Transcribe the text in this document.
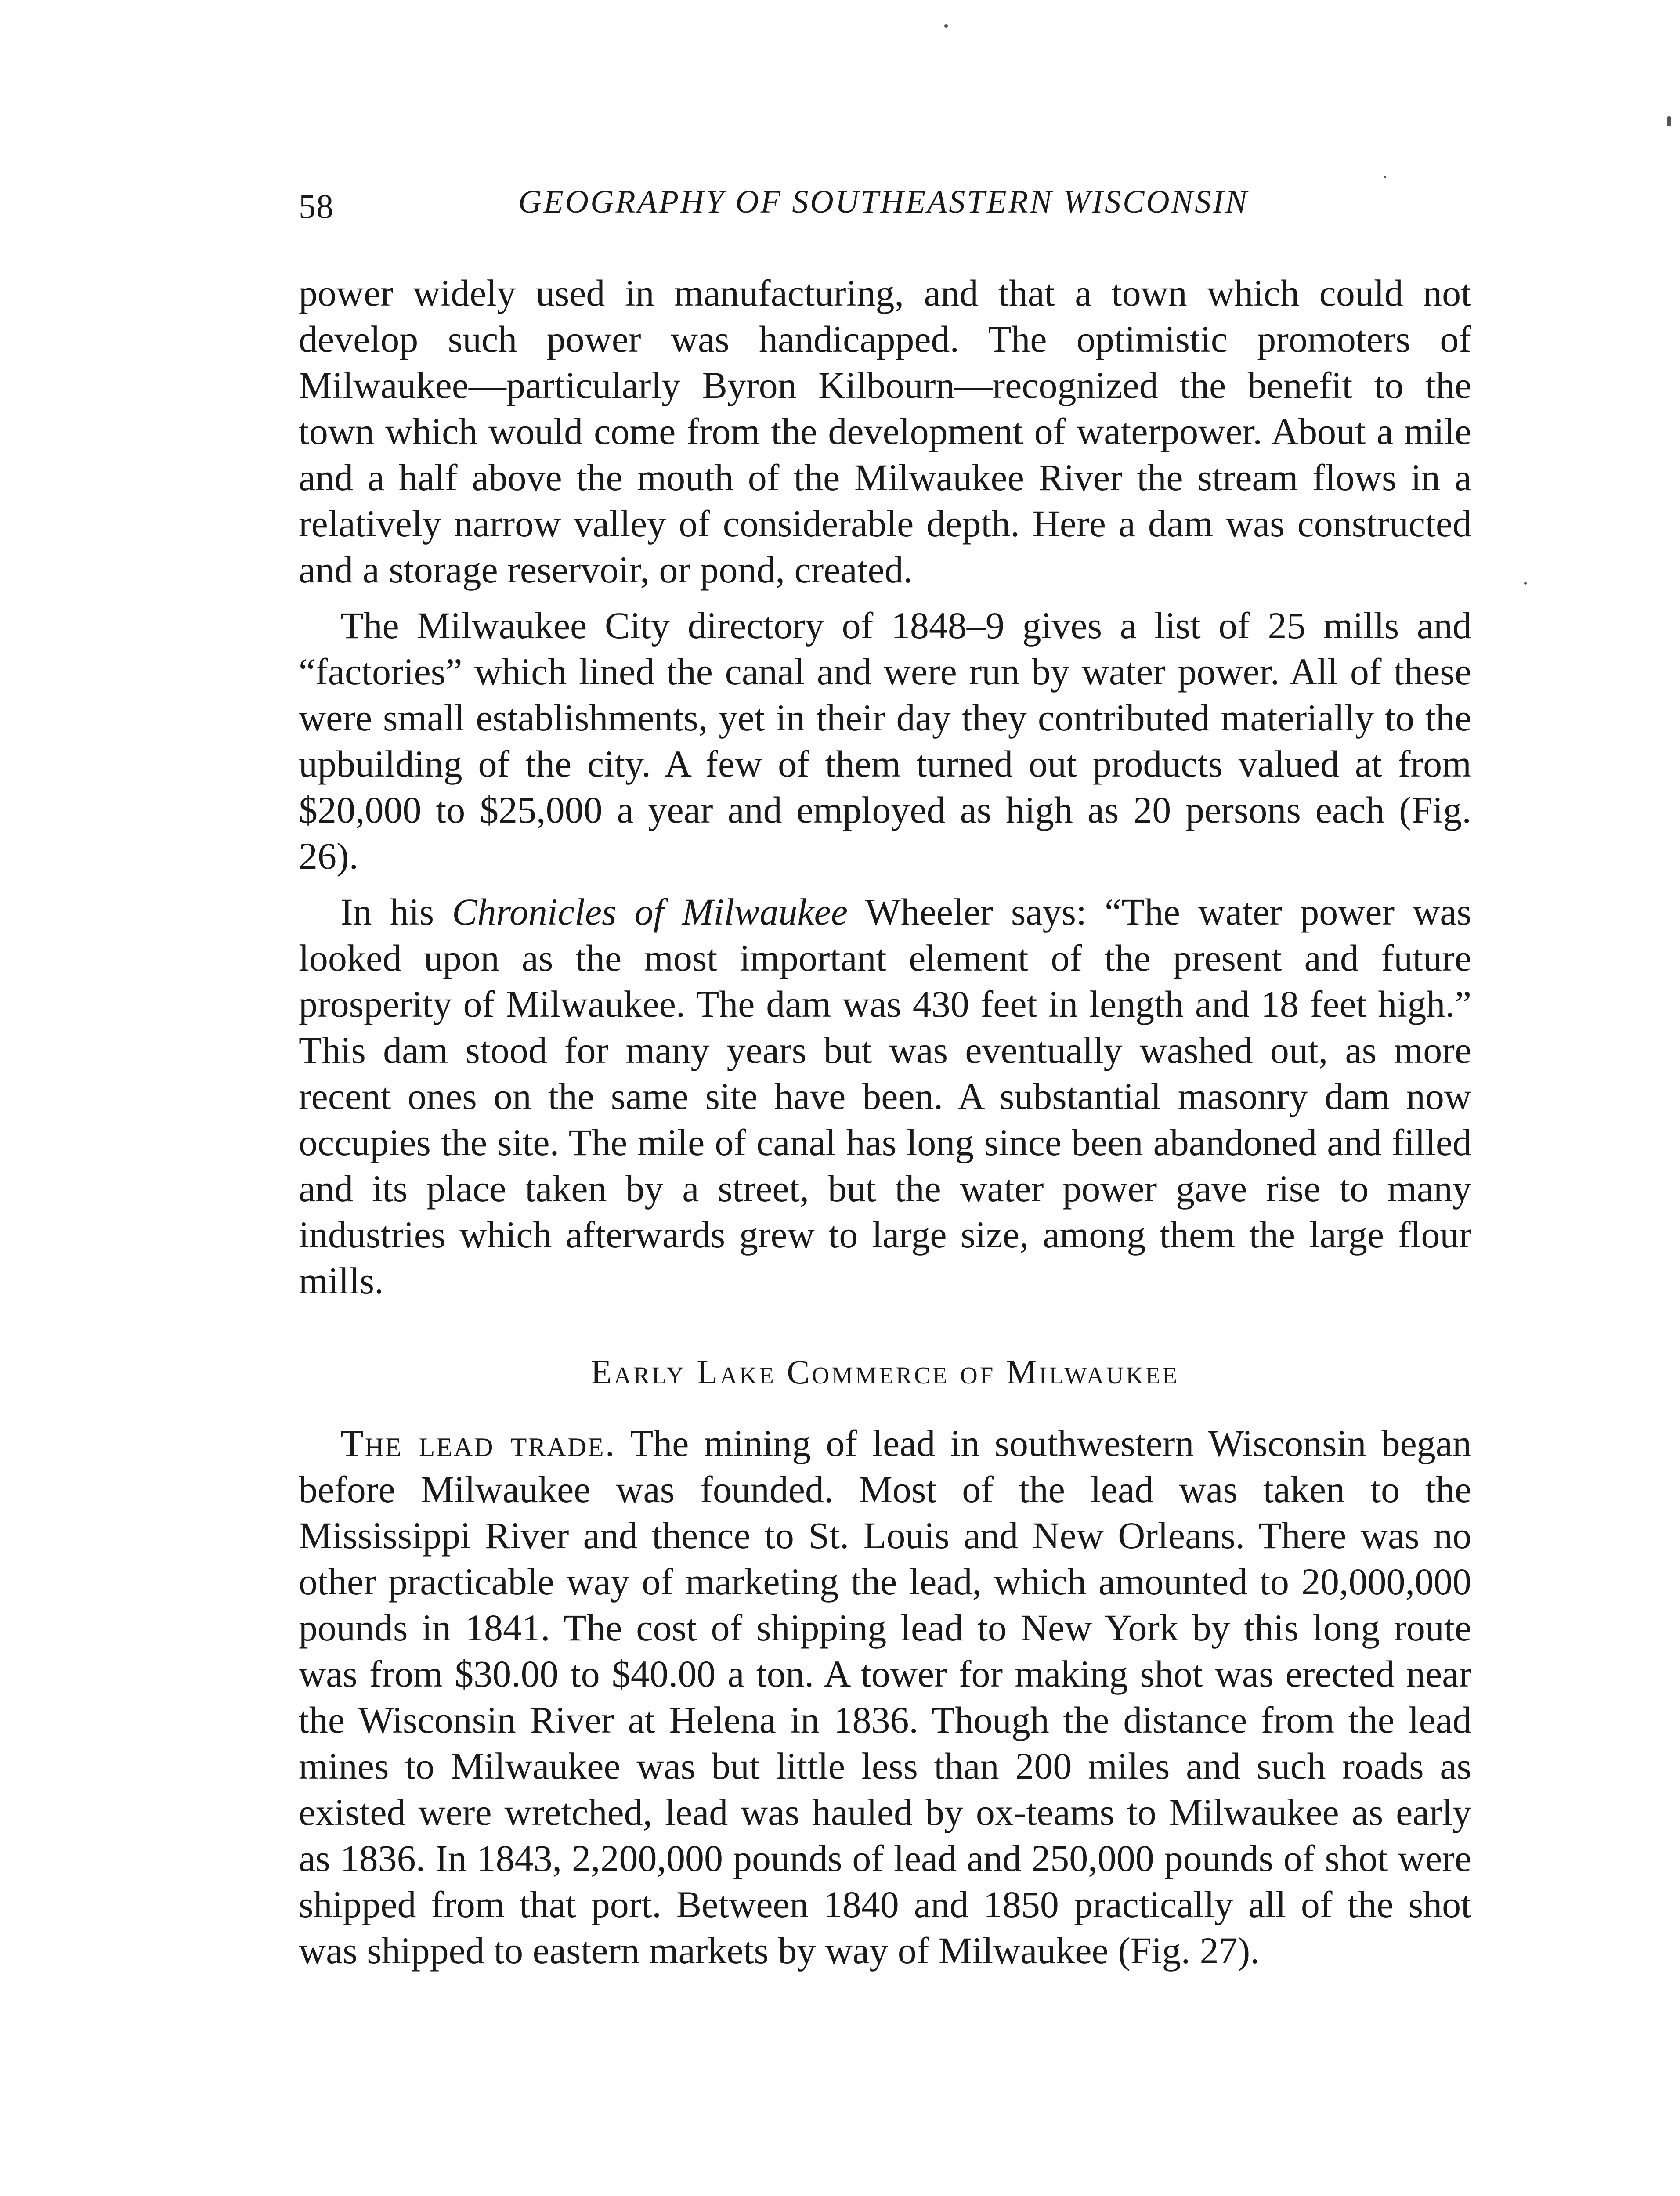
58	GEOGRAPHY OF SOUTHEASTERN WISCONSIN

power widely used in manufacturing, and that a town which could not develop such power was handicapped. The optimistic promoters of Milwaukee—particularly Byron Kilbourn—recognized the benefit to the town which would come from the development of waterpower. About a mile and a half above the mouth of the Milwaukee River the stream flows in a relatively narrow valley of considerable depth. Here a dam was constructed and a storage reservoir, or pond, created.

The Milwaukee City directory of 1848–9 gives a list of 25 mills and “factories” which lined the canal and were run by water power. All of these were small establishments, yet in their day they contributed materially to the upbuilding of the city. A few of them turned out products valued at from $20,000 to $25,000 a year and employed as high as 20 persons each (Fig. 26).

In his Chronicles of Milwaukee Wheeler says: “The water power was looked upon as the most important element of the present and future prosperity of Milwaukee. The dam was 430 feet in length and 18 feet high.” This dam stood for many years but was eventually washed out, as more recent ones on the same site have been. A substantial masonry dam now occupies the site. The mile of canal has long since been abandoned and filled and its place taken by a street, but the water power gave rise to many industries which afterwards grew to large size, among them the large flour mills.

Early Lake Commerce of Milwaukee

The lead trade. The mining of lead in southwestern Wisconsin began before Milwaukee was founded. Most of the lead was taken to the Mississippi River and thence to St. Louis and New Orleans. There was no other practicable way of marketing the lead, which amounted to 20,000,000 pounds in 1841. The cost of shipping lead to New York by this long route was from $30.00 to $40.00 a ton. A tower for making shot was erected near the Wisconsin River at Helena in 1836. Though the distance from the lead mines to Milwaukee was but little less than 200 miles and such roads as existed were wretched, lead was hauled by ox-teams to Milwaukee as early as 1836. In 1843, 2,200,000 pounds of lead and 250,000 pounds of shot were shipped from that port. Between 1840 and 1850 practically all of the shot was shipped to eastern markets by way of Milwaukee (Fig. 27).
